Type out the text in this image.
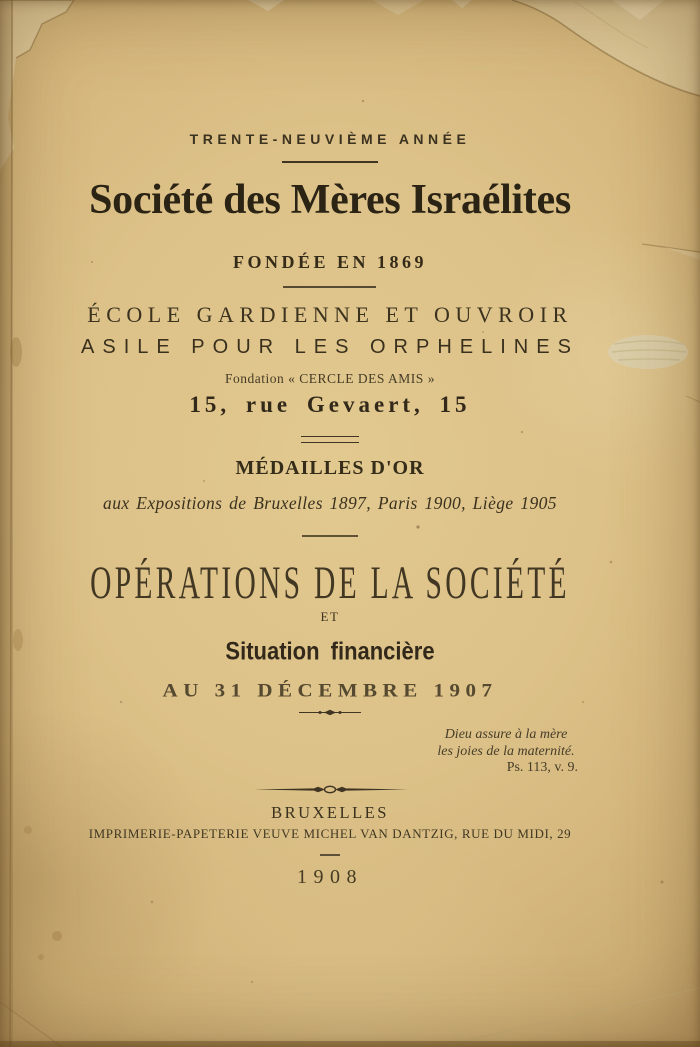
TRENTE-NEUVIÈME ANNÉE
Société des Mères Israélites
FONDÉE EN 1869
ÉCOLE GARDIENNE ET OUVROIR
ASILE POUR LES ORPHELINES
Fondation « CERCLE DES AMIS »
15, rue Gevaert, 15
MÉDAILLES D'OR
aux Expositions de Bruxelles 1897, Paris 1900, Liège 1905
OPÉRATIONS DE LA SOCIÉTÉ
ET
Situation financière
AU 31 DÉCEMBRE 1907
Dieu assure à la mère
les joies de la maternité.
Ps. 113, v. 9.
BRUXELLES
IMPRIMERIE-PAPETERIE VEUVE MICHEL VAN DANTZIG, RUE DU MIDI, 29
1908
